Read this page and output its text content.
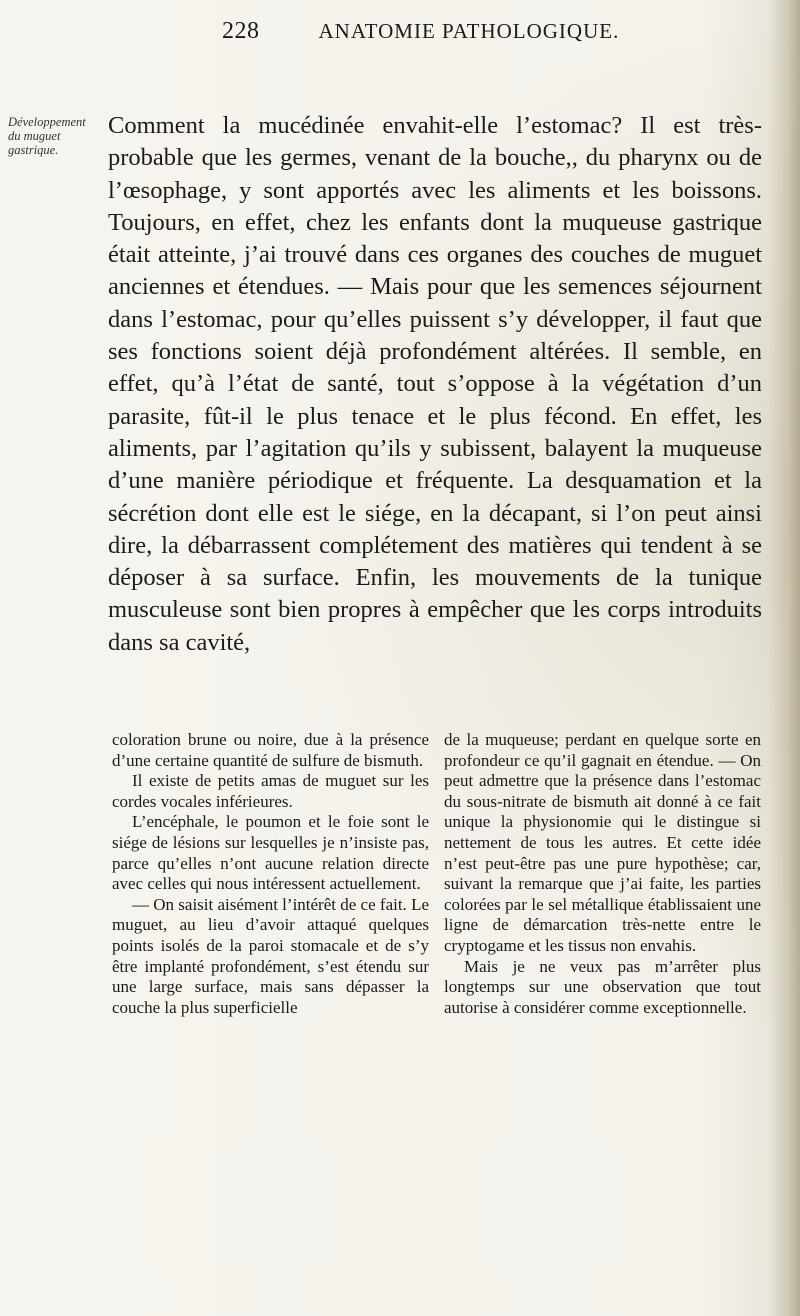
228	ANATOMIE PATHOLOGIQUE.
Développement
du muguet
gastrique.

Comment la mucédinée envahit-elle l’estomac? Il est très-probable que les germes, venant de la bouche,, du pharynx ou de l’œsophage, y sont apportés avec les aliments et les boissons. Toujours, en effet, chez les enfants dont la muqueuse gastrique était atteinte, j’ai trouvé dans ces organes des couches de muguet anciennes et étendues. — Mais pour que les semences séjournent dans l’estomac, pour qu’elles puissent s’y développer, il faut que ses fonctions soient déjà profondément altérées. Il semble, en effet, qu’à l’état de santé, tout s’oppose à la végétation d’un parasite, fût-il le plus tenace et le plus fécond. En effet, les aliments, par l’agitation qu’ils y subissent, balayent la muqueuse d’une manière périodique et fréquente. La desquamation et la sécrétion dont elle est le siége, en la décapant, si l’on peut ainsi dire, la débarrassent complétement des matières qui tendent à se déposer à sa surface. Enfin, les mouvements de la tunique musculeuse sont bien propres à empêcher que les corps introduits dans sa cavité,

coloration brune ou noire, due à la présence d’une certaine quantité de sulfure de bismuth.

Il existe de petits amas de muguet sur les cordes vocales inférieures.

L’encéphale, le poumon et le foie sont le siége de lésions sur lesquelles je n’insiste pas, parce qu’elles n’ont aucune relation directe avec celles qui nous intéressent actuellement.

— On saisit aisément l’intérêt de ce fait. Le muguet, au lieu d’avoir attaqué quelques points isolés de la paroi stomacale et de s’y être implanté profondément, s’est étendu sur une large surface, mais sans dépasser la couche la plus superficielle

de la muqueuse; perdant en quelque sorte en profondeur ce qu’il gagnait en étendue. — On peut admettre que la présence dans l’estomac du sous-nitrate de bismuth ait donné à ce fait unique la physionomie qui le distingue si nettement de tous les autres. Et cette idée n’est peut-être pas une pure hypothèse; car, suivant la remarque que j’ai faite, les parties colorées par le sel métallique établissaient une ligne de démarcation très-nette entre le cryptogame et les tissus non envahis.

Mais je ne veux pas m’arrêter plus longtemps sur une observation que tout autorise à considérer comme exceptionnelle.
